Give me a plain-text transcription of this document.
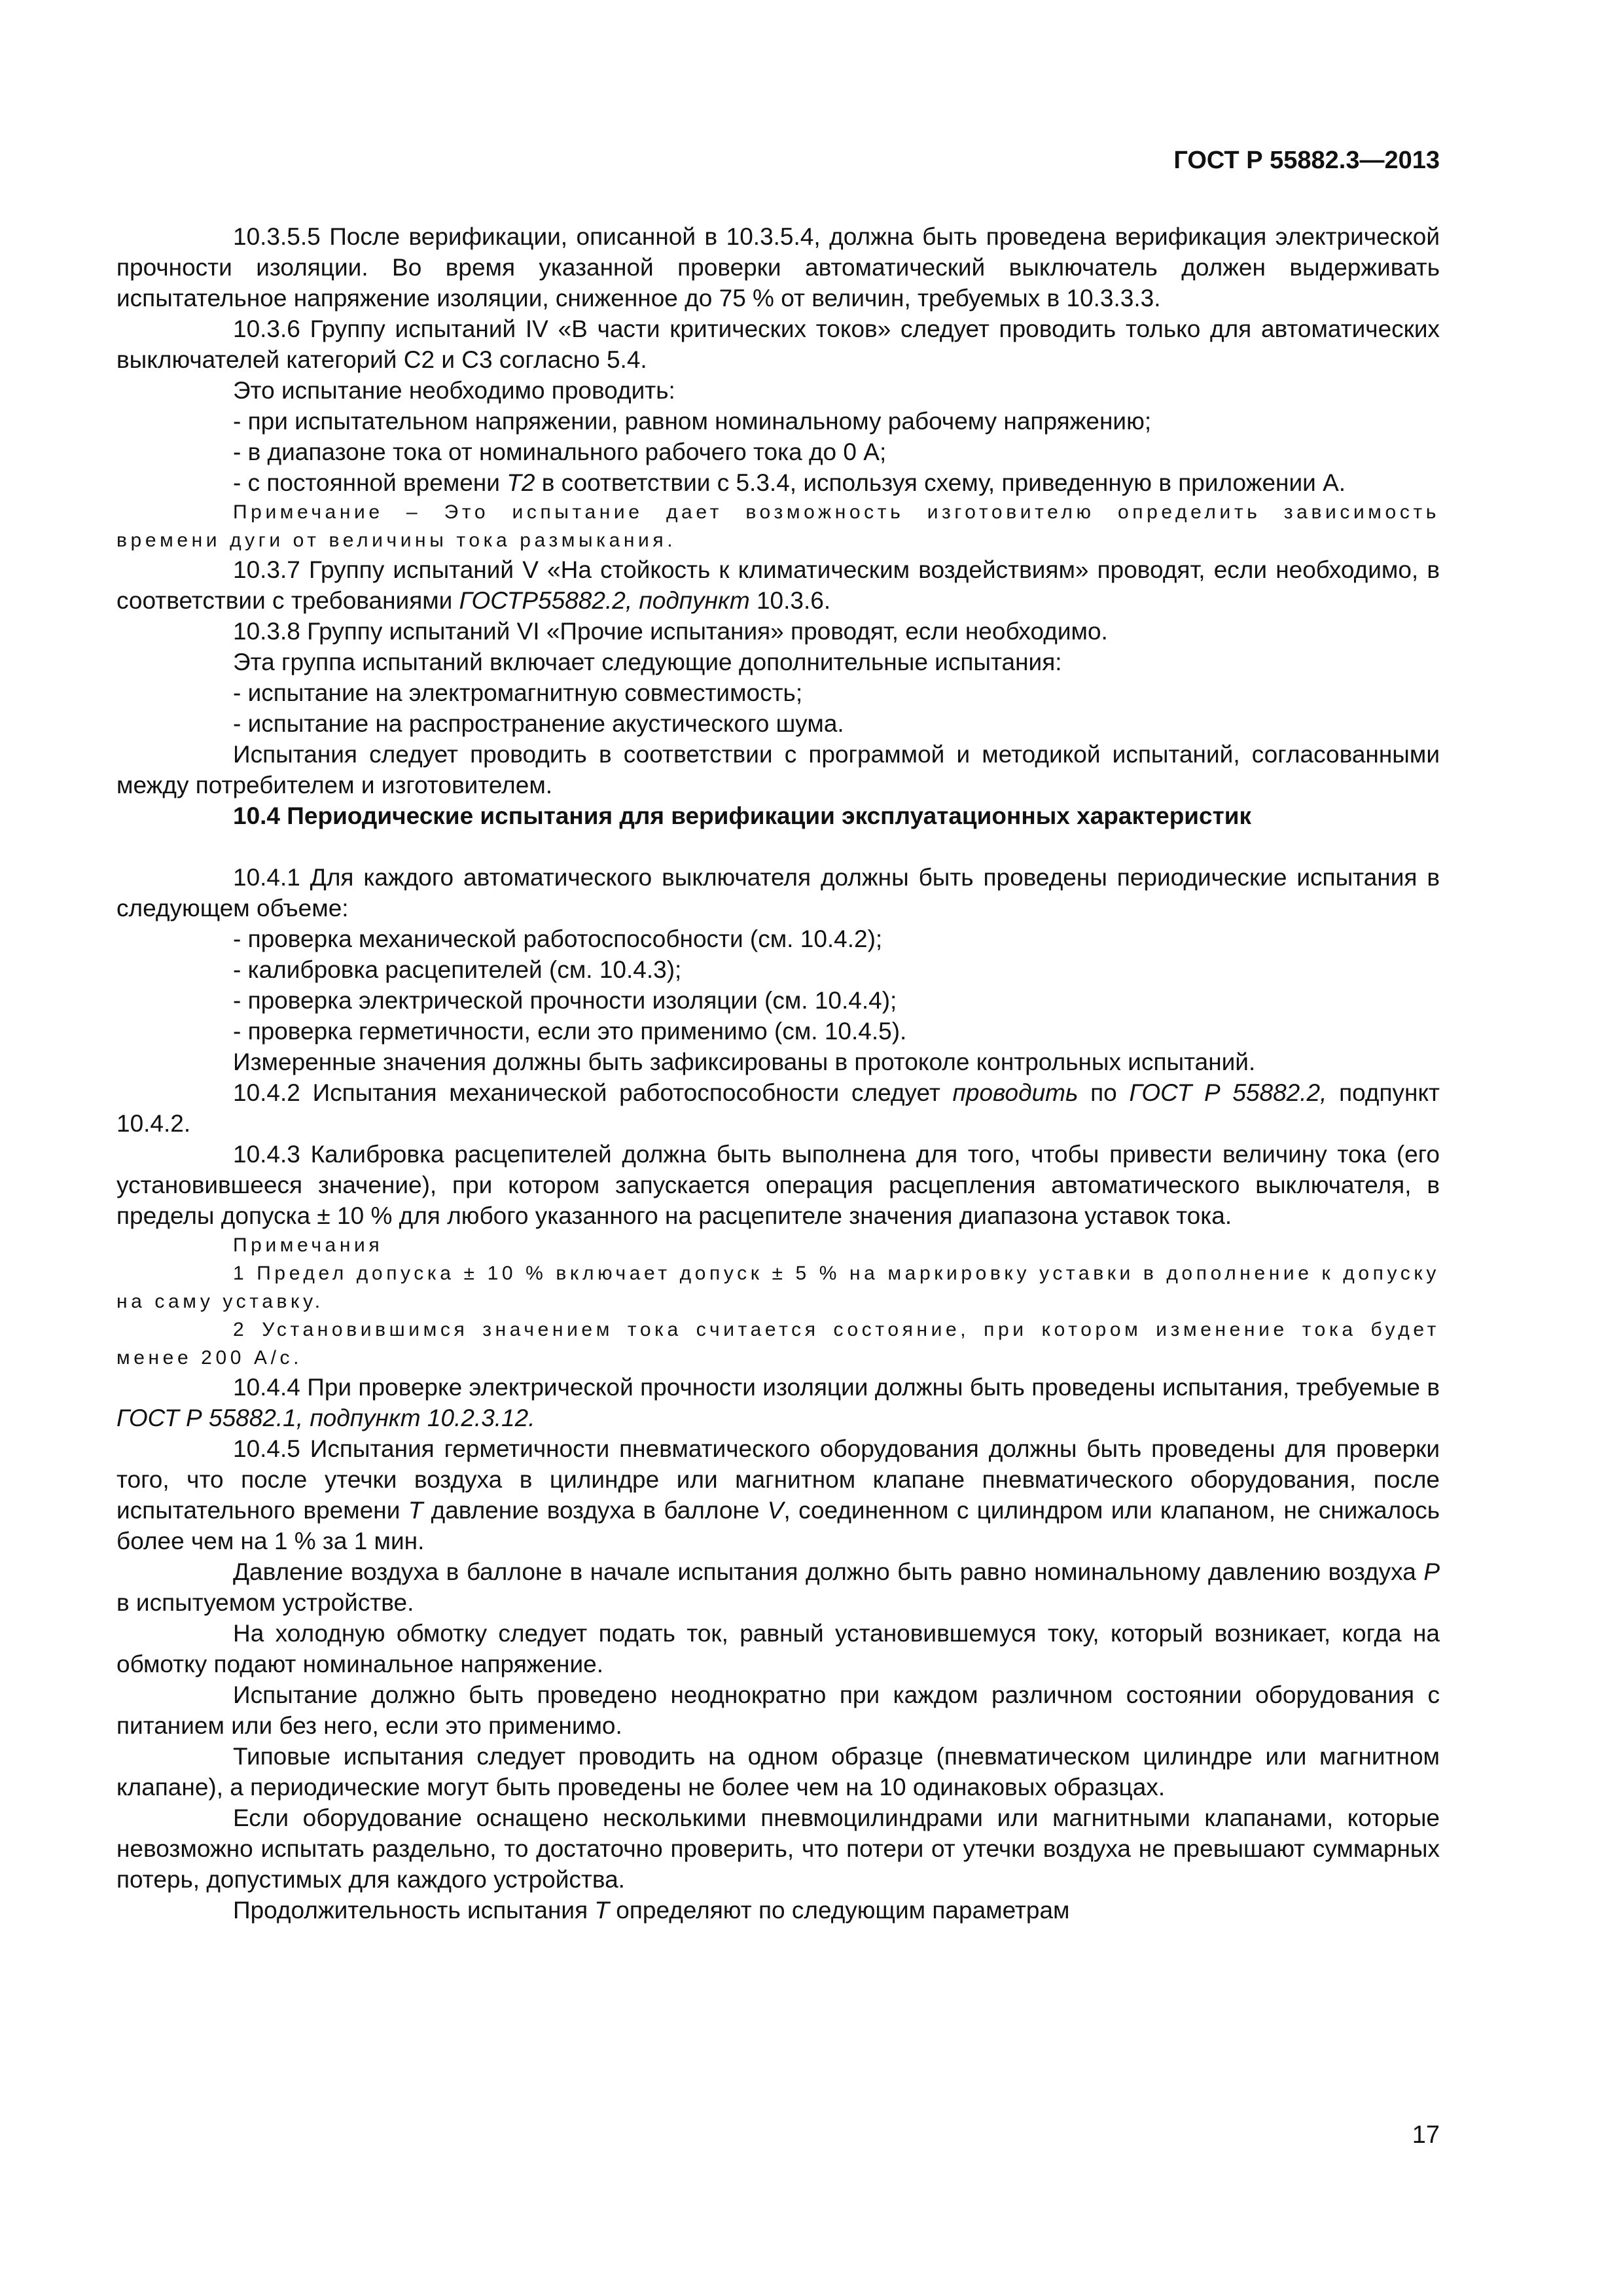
ГОСТ Р 55882.3—2013

10.3.5.5 После верификации, описанной в 10.3.5.4, должна быть проведена верификация электрической прочности изоляции. Во время указанной проверки автоматический выключатель должен выдерживать испытательное напряжение изоляции, сниженное до 75 % от величин, требуемых в 10.3.3.3.

10.3.6 Группу испытаний IV «В части критических токов» следует проводить только для автоматических выключателей категорий С2 и С3 согласно 5.4.

Это испытание необходимо проводить:

- при испытательном напряжении, равном номинальному рабочему напряжению;

- в диапазоне тока от номинального рабочего тока до 0 А;

- с постоянной времени Т2 в соответствии с 5.3.4, используя схему, приведенную в приложении А.

Примечание – Это испытание дает возможность изготовителю определить зависимость времени дуги от величины тока размыкания.

10.3.7 Группу испытаний V «На стойкость к климатическим воздействиям» проводят, если необходимо, в соответствии с требованиями ГОСТР55882.2, подпункт 10.3.6.

10.3.8 Группу испытаний VI «Прочие испытания» проводят, если необходимо.

Эта группа испытаний включает следующие дополнительные испытания:

- испытание на электромагнитную совместимость;

- испытание на распространение акустического шума.

Испытания следует проводить в соответствии с программой и методикой испытаний, согласованными между потребителем и изготовителем.

10.4 Периодические испытания для верификации эксплуатационных характеристик

10.4.1 Для каждого автоматического выключателя должны быть проведены периодические испытания в следующем объеме:

- проверка механической работоспособности (см. 10.4.2);

- калибровка расцепителей (см. 10.4.3);

- проверка электрической прочности изоляции (см. 10.4.4);

- проверка герметичности, если это применимо (см. 10.4.5).

Измеренные значения должны быть зафиксированы в протоколе контрольных испытаний.

10.4.2 Испытания механической работоспособности следует проводить по ГОСТ Р 55882.2, подпункт 10.4.2.

10.4.3 Калибровка расцепителей должна быть выполнена для того, чтобы привести величину тока (его установившееся значение), при котором запускается операция расцепления автоматического выключателя, в пределы допуска ± 10 % для любого указанного на расцепителе значения диапазона уставок тока.

Примечания

1 Предел допуска ± 10 % включает допуск ± 5 % на маркировку уставки в дополнение к допуску на саму уставку.

2 Установившимся значением тока считается состояние, при котором изменение тока будет менее 200 А/с.

10.4.4 При проверке электрической прочности изоляции должны быть проведены испытания, требуемые в ГОСТ Р 55882.1, подпункт 10.2.3.12.

10.4.5 Испытания герметичности пневматического оборудования должны быть проведены для проверки того, что после утечки воздуха в цилиндре или магнитном клапане пневматического оборудования, после испытательного времени Т давление воздуха в баллоне V, соединенном с цилиндром или клапаном, не снижалось более чем на 1 % за 1 мин.

Давление воздуха в баллоне в начале испытания должно быть равно номинальному давлению воздуха Р в испытуемом устройстве.

На холодную обмотку следует подать ток, равный установившемуся току, который возникает, когда на обмотку подают номинальное напряжение.

Испытание должно быть проведено неоднократно при каждом различном состоянии оборудования с питанием или без него, если это применимо.

Типовые испытания следует проводить на одном образце (пневматическом цилиндре или магнитном клапане), а периодические могут быть проведены не более чем на 10 одинаковых образцах.

Если оборудование оснащено несколькими пневмоцилиндрами или магнитными клапанами, которые невозможно испытать раздельно, то достаточно проверить, что потери от утечки воздуха не превышают суммарных потерь, допустимых для каждого устройства.

Продолжительность испытания Т определяют по следующим параметрам

17
